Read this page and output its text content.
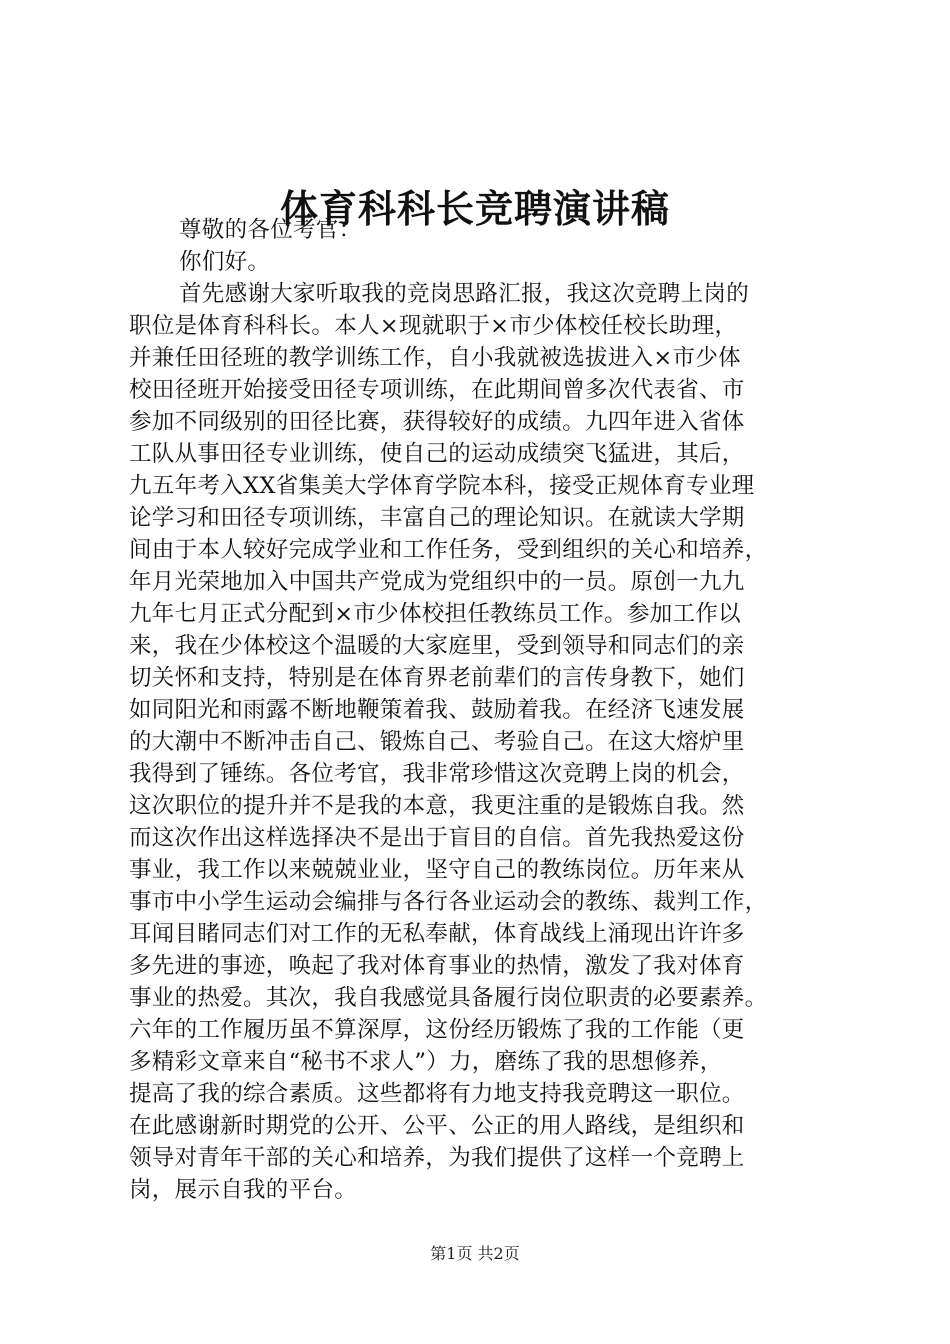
体育科科长竞聘演讲稿
尊敬的各位考官：
你们好。
首先感谢大家听取我的竞岗思路汇报，我这次竞聘上岗的
职位是体育科科长。本人×现就职于×市少体校任校长助理，
并兼任田径班的教学训练工作，自小我就被选拔进入×市少体
校田径班开始接受田径专项训练，在此期间曾多次代表省、市
参加不同级别的田径比赛，获得较好的成绩。九四年进入省体
工队从事田径专业训练，使自己的运动成绩突飞猛进，其后，
九五年考入XX省集美大学体育学院本科，接受正规体育专业理
论学习和田径专项训练，丰富自己的理论知识。在就读大学期
间由于本人较好完成学业和工作任务，受到组织的关心和培养，
年月光荣地加入中国共产党成为党组织中的一员。原创一九九
九年七月正式分配到×市少体校担任教练员工作。参加工作以
来，我在少体校这个温暖的大家庭里，受到领导和同志们的亲
切关怀和支持，特别是在体育界老前辈们的言传身教下，她们
如同阳光和雨露不断地鞭策着我、鼓励着我。在经济飞速发展
的大潮中不断冲击自己、锻炼自己、考验自己。在这大熔炉里
我得到了锤练。各位考官，我非常珍惜这次竞聘上岗的机会，
这次职位的提升并不是我的本意，我更注重的是锻炼自我。然
而这次作出这样选择决不是出于盲目的自信。首先我热爱这份
事业，我工作以来兢兢业业，坚守自己的教练岗位。历年来从
事市中小学生运动会编排与各行各业运动会的教练、裁判工作，
耳闻目睹同志们对工作的无私奉献，体育战线上涌现出许许多
多先进的事迹，唤起了我对体育事业的热情，激发了我对体育
事业的热爱。其次，我自我感觉具备履行岗位职责的必要素养。
六年的工作履历虽不算深厚，这份经历锻炼了我的工作能（更
多精彩文章来自“秘书不求人”）力，磨练了我的思想修养，
提高了我的综合素质。这些都将有力地支持我竞聘这一职位。
在此感谢新时期党的公开、公平、公正的用人路线，是组织和
领导对青年干部的关心和培养，为我们提供了这样一个竞聘上
岗，展示自我的平台。
第1页 共2页
